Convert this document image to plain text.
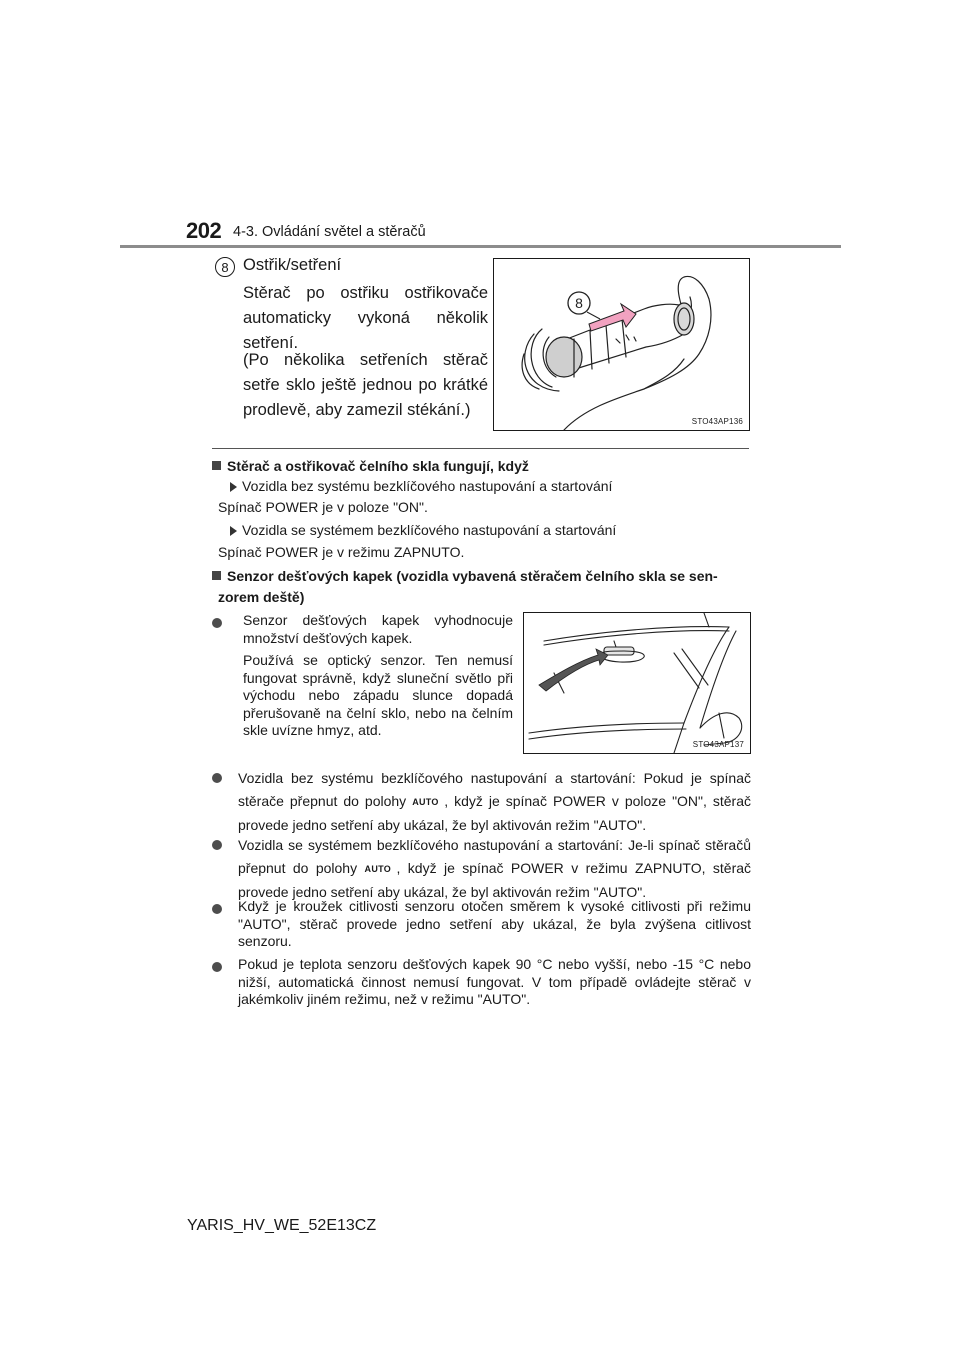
202 4-3. Ovládání světel a stěračů
8 Ostřik/setření
Stěrač po ostřiku ostřikovače automaticky vykoná několik setření.
(Po několika setřeních stěrač setře sklo ještě jednou po krátké prodlevě, aby zamezil stékání.)
8
STO43AP136
Stěrač a ostřikovač čelního skla fungují, když
Vozidla bez systému bezklíčového nastupování a startování
Spínač POWER je v poloze "ON".
Vozidla se systémem bezklíčového nastupování a startování
Spínač POWER je v režimu ZAPNUTO.
Senzor dešťových kapek (vozidla vybavená stěračem čelního skla se sen-
zorem deště)
Senzor dešťových kapek vyhodnocuje množství dešťových kapek.
Používá se optický senzor. Ten nemusí fungovat správně, když sluneční světlo při východu nebo západu slunce dopadá přerušovaně na čelní sklo, nebo na čelním skle uvízne hmyz, atd.
STO43AP137
Vozidla bez systému bezklíčového nastupování a startování: Pokud je spínač stěrače přepnut do polohy AUTO , když je spínač POWER v poloze "ON", stěrač provede jedno setření aby ukázal, že byl aktivován režim "AUTO".
Vozidla se systémem bezklíčového nastupování a startování: Je-li spínač stěračů přepnut do polohy AUTO , když je spínač POWER v režimu ZAPNUTO, stěrač provede jedno setření aby ukázal, že byl aktivován režim "AUTO".
Když je kroužek citlivosti senzoru otočen směrem k vysoké citlivosti při režimu "AUTO", stěrač provede jedno setření aby ukázal, že byla zvýšena citlivost senzoru.
Pokud je teplota senzoru dešťových kapek 90 °C nebo vyšší, nebo -15 °C nebo nižší, automatická činnost nemusí fungovat. V tom případě ovládejte stěrač v jakémkoliv jiném režimu, než v režimu "AUTO".
YARIS_HV_WE_52E13CZ
